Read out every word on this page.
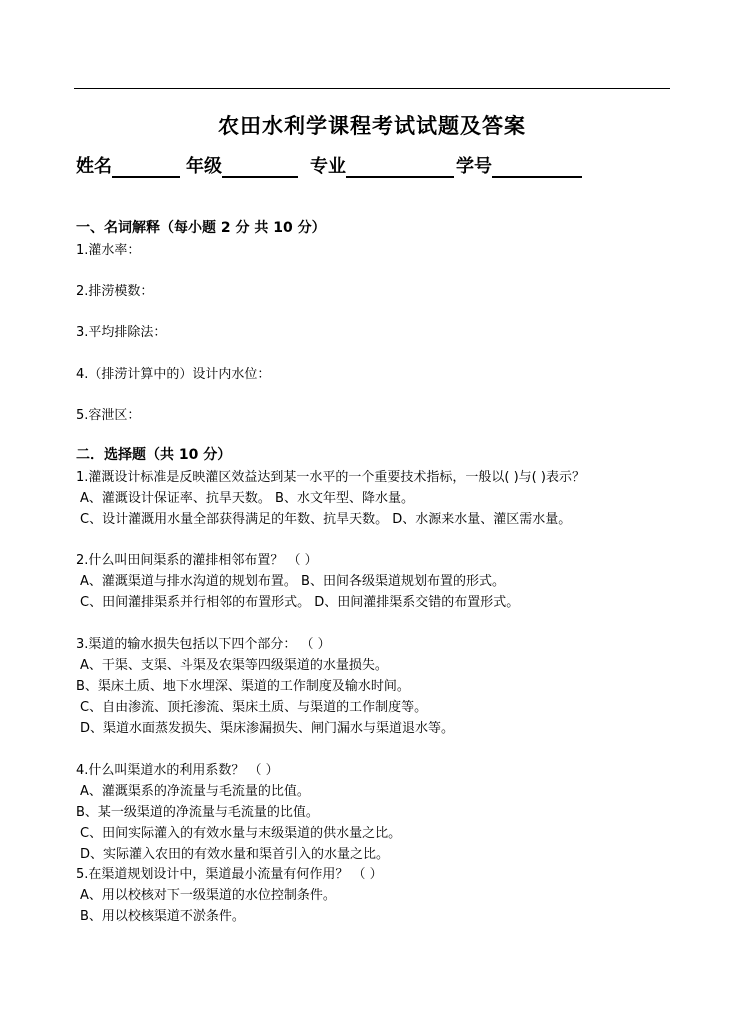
农田水利学课程考试试题及答案
姓名	年级	专业	学号
一、名词解释（每小题 2 分 共 10 分）
1.灌水率：
2.排涝模数：
3.平均排除法：
4.（排涝计算中的）设计内水位：
5.容泄区：
二．选择题（共 10 分）
1.灌溉设计标准是反映灌区效益达到某一水平的一个重要技术指标，一般以( )与( )表示？
A、灌溉设计保证率、抗旱天数。 B、水文年型、降水量。
C、设计灌溉用水量全部获得满足的年数、抗旱天数。 D、水源来水量、灌区需水量。
2.什么叫田间渠系的灌排相邻布置？ （ ）
A、灌溉渠道与排水沟道的规划布置。 B、田间各级渠道规划布置的形式。
C、田间灌排渠系并行相邻的布置形式。 D、田间灌排渠系交错的布置形式。
3.渠道的输水损失包括以下四个部分： （ ）
A、干渠、支渠、斗渠及农渠等四级渠道的水量损失。
B、渠床土质、地下水埋深、渠道的工作制度及输水时间。
C、自由渗流、顶托渗流、渠床土质、与渠道的工作制度等。
D、渠道水面蒸发损失、渠床渗漏损失、闸门漏水与渠道退水等。
4.什么叫渠道水的利用系数？ （ ）
A、灌溉渠系的净流量与毛流量的比值。
B、某一级渠道的净流量与毛流量的比值。
C、田间实际灌入的有效水量与末级渠道的供水量之比。
D、实际灌入农田的有效水量和渠首引入的水量之比。
5.在渠道规划设计中，渠道最小流量有何作用？ （ ）
A、用以校核对下一级渠道的水位控制条件。
B、用以校核渠道不淤条件。
